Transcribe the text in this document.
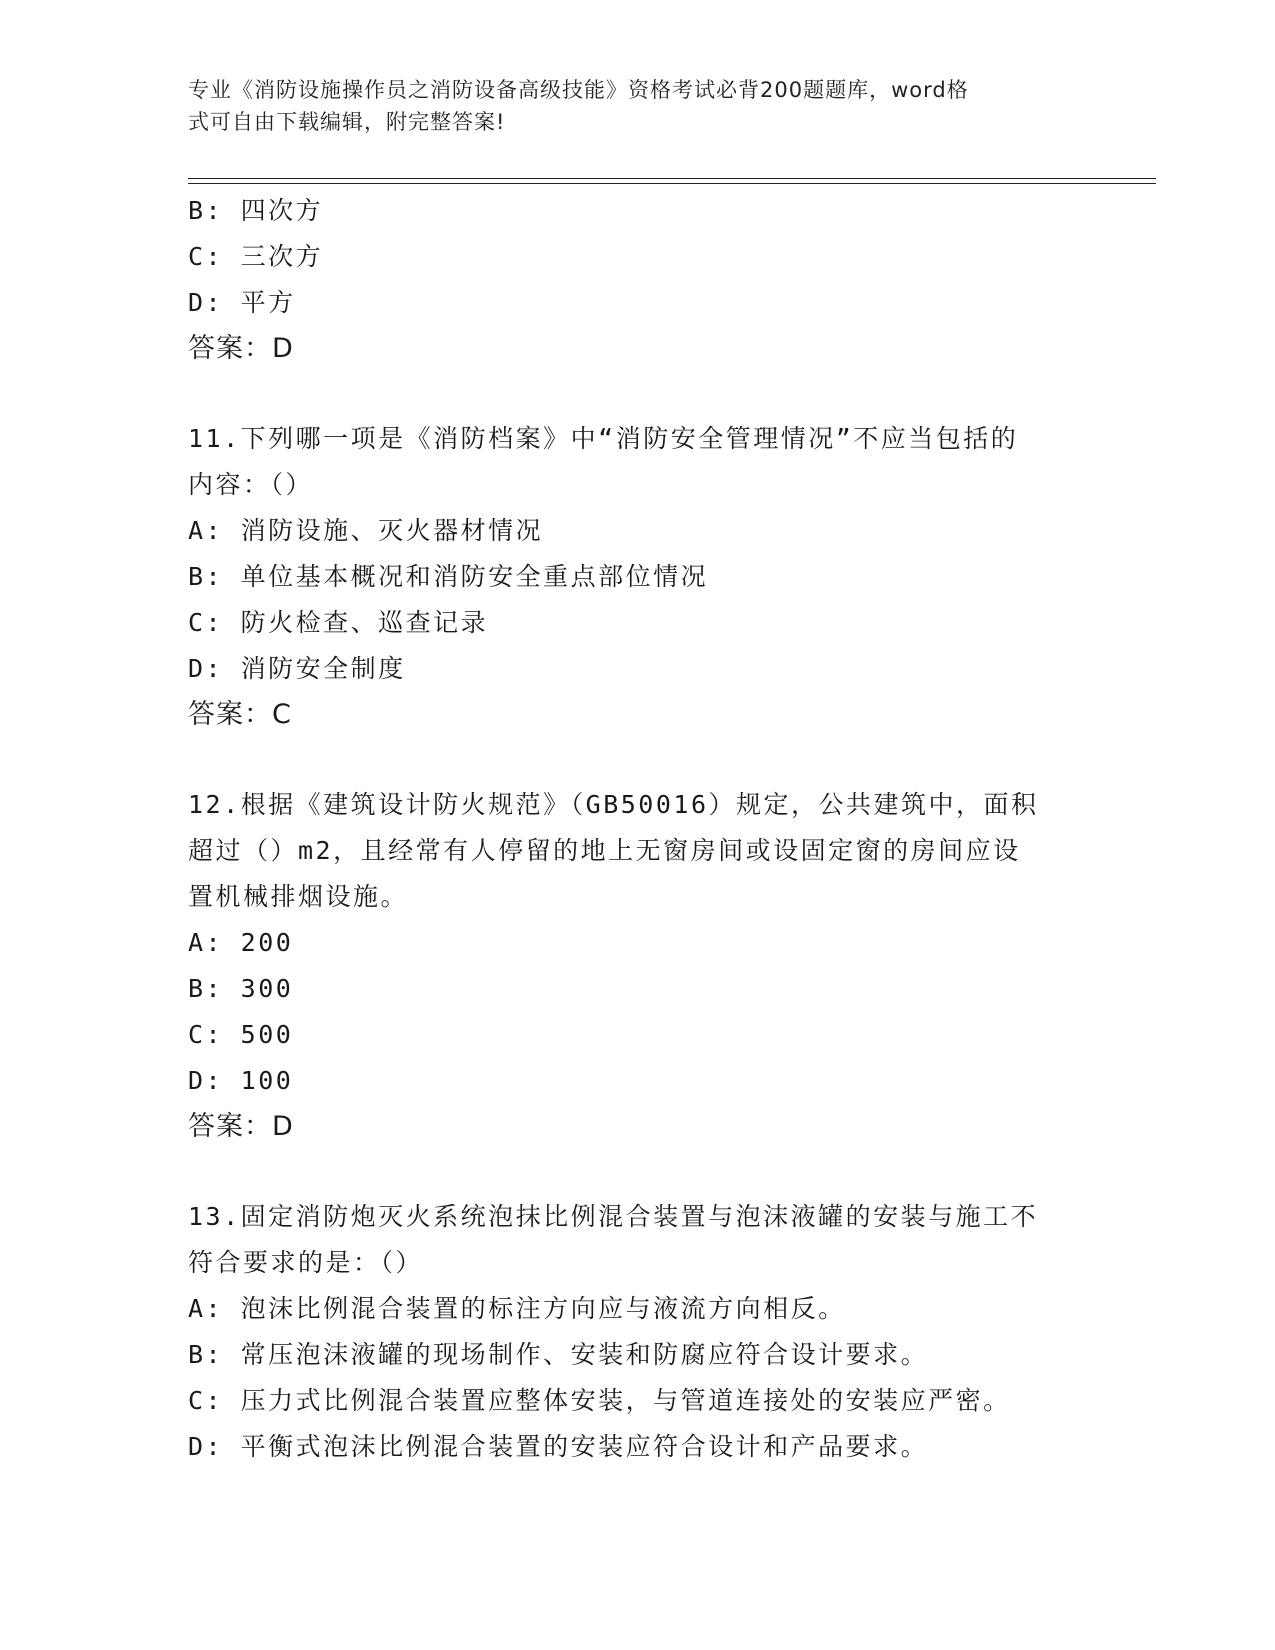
专业《消防设施操作员之消防设备高级技能》资格考试必背200题题库，word格
式可自由下载编辑，附完整答案!
B: 四次方
C: 三次方
D: 平方
答案：D
11.下列哪一项是《消防档案》中“消防安全管理情况”不应当包括的
内容：（）
A: 消防设施、灭火器材情况
B: 单位基本概况和消防安全重点部位情况
C: 防火检查、巡查记录
D: 消防安全制度
答案：C
12.根据《建筑设计防火规范》（GB50016）规定，公共建筑中，面积
超过（）m2，且经常有人停留的地上无窗房间或设固定窗的房间应设
置机械排烟设施。
A: 200
B: 300
C: 500
D: 100
答案：D
13.固定消防炮灭火系统泡抹比例混合装置与泡沫液罐的安装与施工不
符合要求的是：（）
A: 泡沫比例混合装置的标注方向应与液流方向相反。
B: 常压泡沫液罐的现场制作、安装和防腐应符合设计要求。
C: 压力式比例混合装置应整体安装，与管道连接处的安装应严密。
D: 平衡式泡沫比例混合装置的安装应符合设计和产品要求。
